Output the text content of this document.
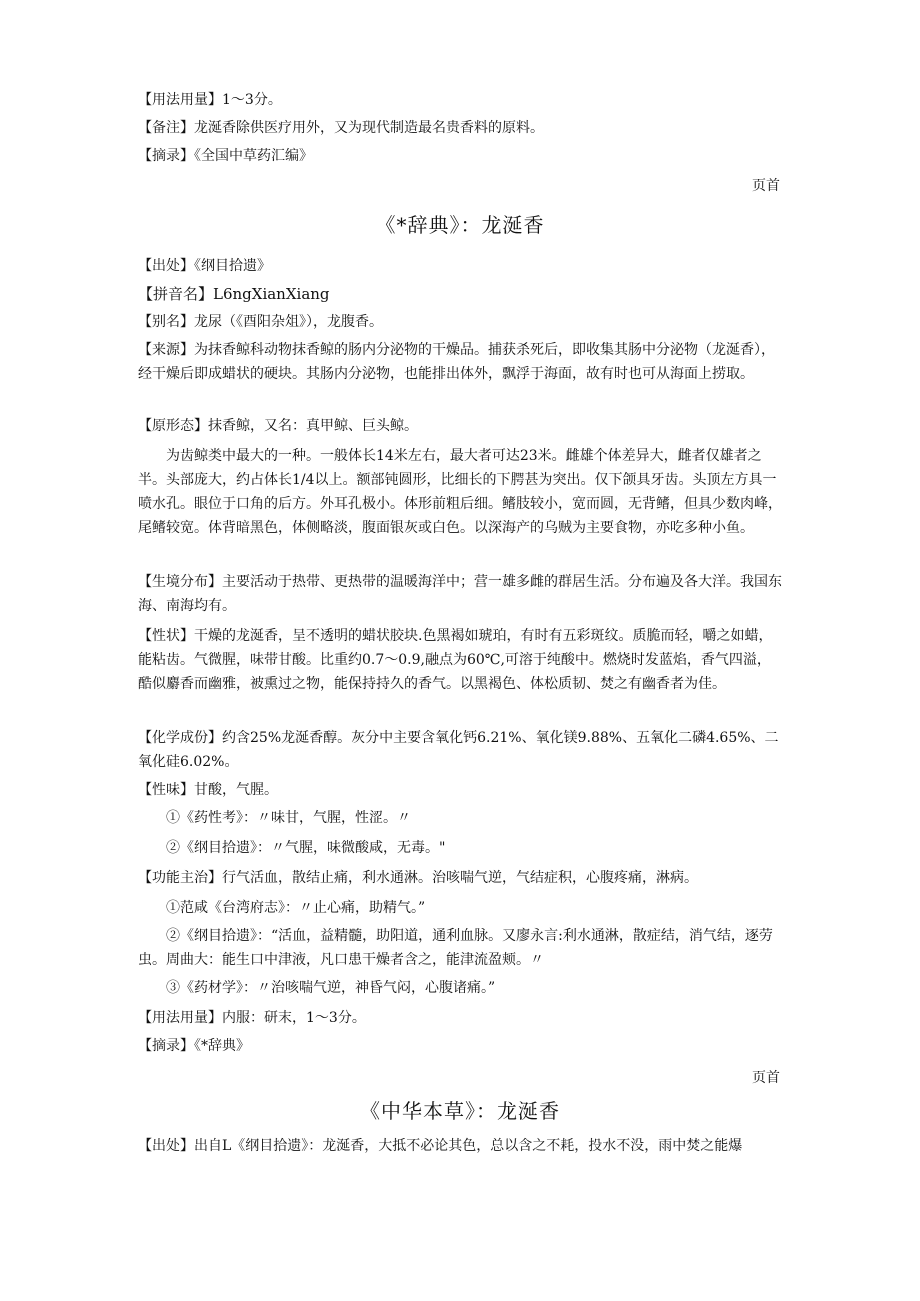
【用法用量】1～3分。
【备注】龙涎香除供医疗用外，又为现代制造最名贵香料的原料。
【摘录】《全国中草药汇编》
页首
《*辞典》：龙涎香
【出处】《纲目拾遗》
【拼音名】L6ngXianXiang
【别名】龙尿（《酉阳杂俎》），龙腹香。
【来源】为抹香鲸科动物抹香鲸的肠内分泌物的干燥品。捕获杀死后，即收集其肠中分泌物（龙涎香），经干燥后即成蜡状的硬块。其肠内分泌物，也能排出体外，飘浮于海面，故有时也可从海面上捞取。
【原形态】抹香鲸，又名：真甲鲸、巨头鲸。
为齿鲸类中最大的一种。一般体长14米左右，最大者可达23米。雌雄个体差异大，雌者仅雄者之半。头部庞大，约占体长1/4以上。额部钝圆形，比细长的下腭甚为突出。仅下颌具牙齿。头顶左方具一喷水孔。眼位于口角的后方。外耳孔极小。体形前粗后细。鳍肢较小，宽而圆，无背鳍，但具少数肉峰，尾鳍较宽。体背暗黑色，体侧略淡，腹面银灰或白色。以深海产的乌贼为主要食物，亦吃多种小鱼。
【生境分布】主要活动于热带、更热带的温暖海洋中；营一雄多雌的群居生活。分布遍及各大洋。我国东海、南海均有。
【性状】干燥的龙涎香，呈不透明的蜡状胶块.色黑褐如琥珀，有时有五彩斑纹。质脆而轻，嚼之如蜡，能粘齿。气微腥，味带甘酸。比重约0.7～0.9,融点为60℃,可溶于纯酸中。燃烧时发蓝焰，香气四溢，酷似麝香而幽雅，被熏过之物，能保持持久的香气。以黑褐色、体松质韧、焚之有幽香者为佳。
【化学成份】约含25%龙涎香醇。灰分中主要含氧化钙6.21%、氧化镁9.88%、五氧化二磷4.65%、二氧化硅6.02%。
【性味】甘酸，气腥。
①《药性考》：〃味甘，气腥，性涩。〃
②《纲目拾遗》：〃气腥，味微酸咸，无毒。"
【功能主治】行气活血，散结止痛，利水通淋。治咳喘气逆，气结症积，心腹疼痛，淋病。
①范咸《台湾府志》：〃止心痛，助精气。”
②《纲目拾遗》：“活血，益精髓，助阳道，通利血脉。又廖永言:利水通淋，散症结，消气结，逐劳虫。周曲大：能生口中津液，凡口患干燥者含之，能津流盈颊。〃
③《药材学》：〃治咳喘气逆，神昏气闷，心腹诸痛。”
【用法用量】内服：研末，1～3分。
【摘录】《*辞典》
页首
《中华本草》：龙涎香
【出处】出自L《纲目拾遗》：龙涎香，大抵不必论其色，总以含之不耗，投水不没，雨中焚之能爆
